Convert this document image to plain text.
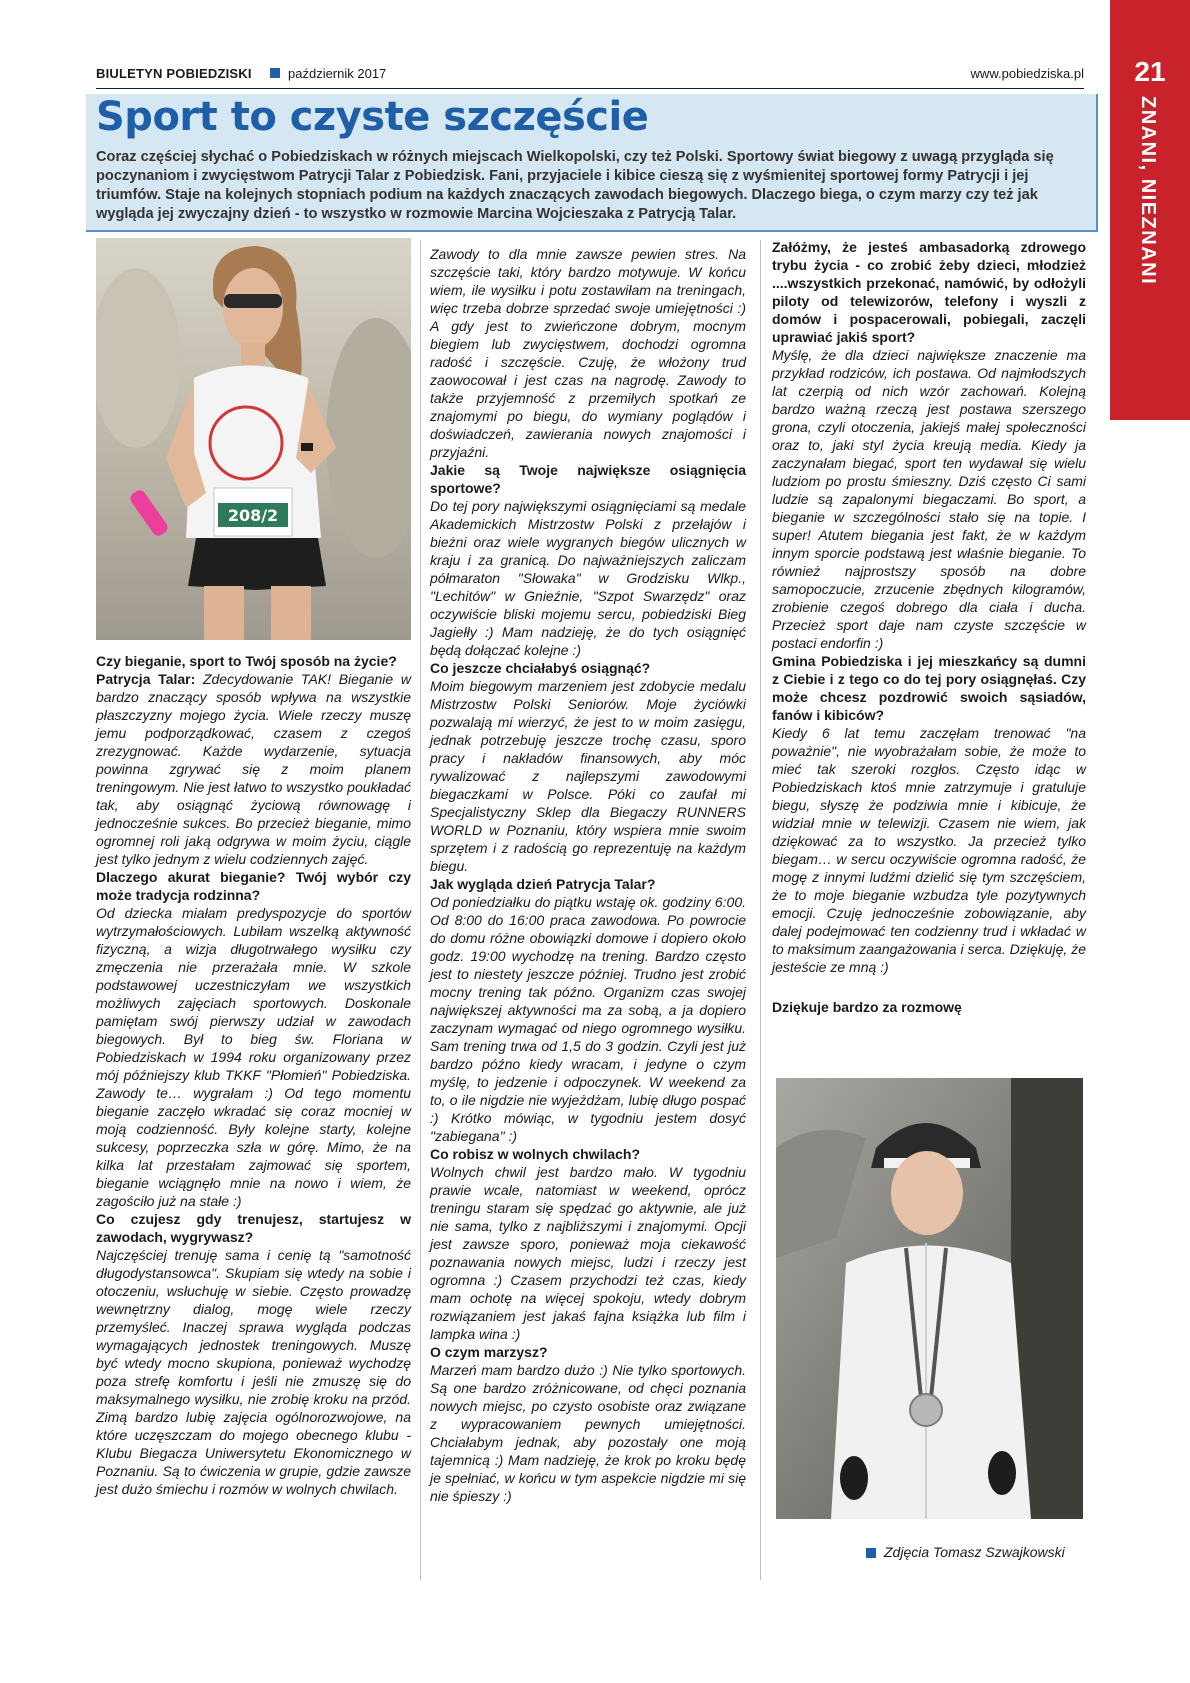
BIULETYN POBIEDZISKI	październik 2017	www.pobiedziska.pl	21
ZNANI, NIEZNANI
Sport to czyste szczęście
Coraz częściej słychać o Pobiedziskach w różnych miejscach Wielkopolski, czy też Polski. Sportowy świat biegowy z uwagą przygląda się poczynaniom i zwycięstwom Patrycji Talar z Pobiedzisk. Fani, przyjaciele i kibice cieszą się z wyśmienitej sportowej formy Patrycji i jej triumfów. Staje na kolejnych stopniach podium na każdych znaczących zawodach biegowych. Dlaczego biega, o czym marzy czy też jak wygląda jej zwyczajny dzień - to wszystko w rozmowie Marcina Wojcieszaka z Patrycją Talar.
208/2
Czy bieganie, sport to Twój sposób na życie?
Patrycja Talar: Zdecydowanie TAK! Bieganie w bardzo znaczący sposób wpływa na wszystkie płaszczyzny mojego życia. Wiele rzeczy muszę jemu podporządkować, czasem z czegoś zrezygnować. Każde wydarzenie, sytuacja powinna zgrywać się z moim planem treningowym. Nie jest łatwo to wszystko poukładać tak, aby osiągnąć życiową równowagę i jednocześnie sukces. Bo przecież bieganie, mimo ogromnej roli jaką odgrywa w moim życiu, ciągle jest tylko jednym z wielu codziennych zajęć.
Dlaczego akurat bieganie? Twój wybór czy może tradycja rodzinna?
Od dziecka miałam predyspozycje do sportów wytrzymałościowych. Lubiłam wszelką aktywność fizyczną, a wizja długotrwałego wysiłku czy zmęczenia nie przerażała mnie. W szkole podstawowej uczestniczyłam we wszystkich możliwych zajęciach sportowych. Doskonale pamiętam swój pierwszy udział w zawodach biegowych. Był to bieg św. Floriana w Pobiedziskach w 1994 roku organizowany przez mój późniejszy klub TKKF "Płomień" Pobiedziska. Zawody te… wygrałam :) Od tego momentu bieganie zaczęło wkradać się coraz mocniej w moją codzienność. Były kolejne starty, kolejne sukcesy, poprzeczka szła w górę. Mimo, że na kilka lat przestałam zajmować się sportem, bieganie wciągnęło mnie na nowo i wiem, że zagościło już na stałe :)
Co czujesz gdy trenujesz, startujesz w zawodach, wygrywasz?
Najczęściej trenuję sama i cenię tą "samotność długodystansowca". Skupiam się wtedy na sobie i otoczeniu, wsłuchuję w siebie. Często prowadzę wewnętrzny dialog, mogę wiele rzeczy przemyśleć. Inaczej sprawa wygląda podczas wymagających jednostek treningowych. Muszę być wtedy mocno skupiona, ponieważ wychodzę poza strefę komfortu i jeśli nie zmuszę się do maksymalnego wysiłku, nie zrobię kroku na przód. Zimą bardzo lubię zajęcia ogólnorozwojowe, na które uczęszczam do mojego obecnego klubu - Klubu Biegacza Uniwersytetu Ekonomicznego w Poznaniu. Są to ćwiczenia w grupie, gdzie zawsze jest dużo śmiechu i rozmów w wolnych chwilach.
Zawody to dla mnie zawsze pewien stres. Na szczęście taki, który bardzo motywuje. W końcu wiem, ile wysiłku i potu zostawiłam na treningach, więc trzeba dobrze sprzedać swoje umiejętności :) A gdy jest to zwieńczone dobrym, mocnym biegiem lub zwycięstwem, dochodzi ogromna radość i szczęście. Czuję, że włożony trud zaowocował i jest czas na nagrodę. Zawody to także przyjemność z przemiłych spotkań ze znajomymi po biegu, do wymiany poglądów i doświadczeń, zawierania nowych znajomości i przyjaźni.
Jakie są Twoje największe osiągnięcia sportowe?
Do tej pory największymi osiągnięciami są medale Akademickich Mistrzostw Polski z przełajów i bieżni oraz wiele wygranych biegów ulicznych w kraju i za granicą. Do najważniejszych zaliczam półmaraton "Słowaka" w Grodzisku Wlkp., "Lechitów" w Gnieźnie, "Szpot Swarzędz" oraz oczywiście bliski mojemu sercu, pobiedziski Bieg Jagiełły :) Mam nadzieję, że do tych osiągnięć będą dołączać kolejne :)
Co jeszcze chciałabyś osiągnąć?
Moim biegowym marzeniem jest zdobycie medalu Mistrzostw Polski Seniorów. Moje życiówki pozwalają mi wierzyć, że jest to w moim zasięgu, jednak potrzebuję jeszcze trochę czasu, sporo pracy i nakładów finansowych, aby móc rywalizować z najlepszymi zawodowymi biegaczkami w Polsce. Póki co zaufał mi Specjalistyczny Sklep dla Biegaczy RUNNERS WORLD w Poznaniu, który wspiera mnie swoim sprzętem i z radością go reprezentuję na każdym biegu.
Jak wygląda dzień Patrycja Talar?
Od poniedziałku do piątku wstaję ok. godziny 6:00. Od 8:00 do 16:00 praca zawodowa. Po powrocie do domu różne obowiązki domowe i dopiero około godz. 19:00 wychodzę na trening. Bardzo często jest to niestety jeszcze później. Trudno jest zrobić mocny trening tak późno. Organizm czas swojej największej aktywności ma za sobą, a ja dopiero zaczynam wymagać od niego ogromnego wysiłku. Sam trening trwa od 1,5 do 3 godzin. Czyli jest już bardzo późno kiedy wracam, i jedyne o czym myślę, to jedzenie i odpoczynek. W weekend za to, o ile nigdzie nie wyjeżdżam, lubię długo pospać :) Krótko mówiąc, w tygodniu jestem dosyć "zabiegana" :)
Co robisz w wolnych chwilach?
Wolnych chwil jest bardzo mało. W tygodniu prawie wcale, natomiast w weekend, oprócz treningu staram się spędzać go aktywnie, ale już nie sama, tylko z najbliższymi i znajomymi. Opcji jest zawsze sporo, ponieważ moja ciekawość poznawania nowych miejsc, ludzi i rzeczy jest ogromna :) Czasem przychodzi też czas, kiedy mam ochotę na więcej spokoju, wtedy dobrym rozwiązaniem jest jakaś fajna książka lub film i lampka wina :)
O czym marzysz?
Marzeń mam bardzo dużo :) Nie tylko sportowych. Są one bardzo zróżnicowane, od chęci poznania nowych miejsc, po czysto osobiste oraz związane z wypracowaniem pewnych umiejętności. Chciałabym jednak, aby pozostały one moją tajemnicą :) Mam nadzieję, że krok po kroku będę je spełniać, w końcu w tym aspekcie nigdzie mi się nie śpieszy :)
Załóżmy, że jesteś ambasadorką zdrowego trybu życia - co zrobić żeby dzieci, młodzież ....wszystkich przekonać, namówić, by odłożyli piloty od telewizorów, telefony i wyszli z domów i pospacerowali, pobiegali, zaczęli uprawiać jakiś sport?
Myślę, że dla dzieci największe znaczenie ma przykład rodziców, ich postawa. Od najmłodszych lat czerpią od nich wzór zachowań. Kolejną bardzo ważną rzeczą jest postawa szerszego grona, czyli otoczenia, jakiejś małej społeczności oraz to, jaki styl życia kreują media. Kiedy ja zaczynałam biegać, sport ten wydawał się wielu ludziom po prostu śmieszny. Dziś często Ci sami ludzie są zapalonymi biegaczami. Bo sport, a bieganie w szczególności stało się na topie. I super! Atutem biegania jest fakt, że w każdym innym sporcie podstawą jest właśnie bieganie. To również najprostszy sposób na dobre samopoczucie, zrzucenie zbędnych kilogramów, zrobienie czegoś dobrego dla ciała i ducha. Przecież sport daje nam czyste szczęście w postaci endorfin :)
Gmina Pobiedziska i jej mieszkańcy są dumni z Ciebie i z tego co do tej pory osiągnęłaś. Czy może chcesz pozdrowić swoich sąsiadów, fanów i kibiców?
Kiedy 6 lat temu zaczęłam trenować "na poważnie", nie wyobrażałam sobie, że może to mieć tak szeroki rozgłos. Często idąc w Pobiedziskach ktoś mnie zatrzymuje i gratuluje biegu, słyszę że podziwia mnie i kibicuje, że widział mnie w telewizji. Czasem nie wiem, jak dziękować za to wszystko. Ja przecież tylko biegam… w sercu oczywiście ogromna radość, że mogę z innymi ludźmi dzielić się tym szczęściem, że to moje bieganie wzbudza tyle pozytywnych emocji. Czuję jednocześnie zobowiązanie, aby dalej podejmować ten codzienny trud i wkładać w to maksimum zaangażowania i serca. Dziękuję, że jesteście ze mną :)
Dziękuje bardzo za rozmowę
Zdjęcia Tomasz Szwajkowski
